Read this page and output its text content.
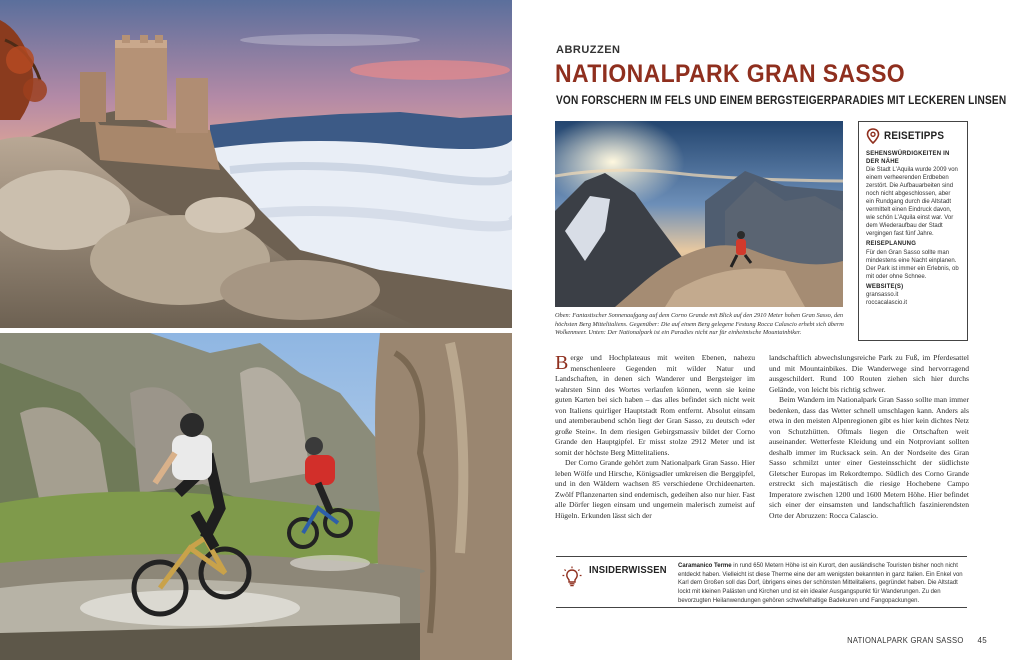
ABRUZZEN
NATIONALPARK GRAN SASSO
VON FORSCHERN IM FELS UND EINEM BERGSTEIGERPARADIES MIT LECKEREN LINSEN
Oben: Fantastischer Sonnenaufgang auf dem Corno Grande mit Blick auf den 2910 Meter hohen Gran Sasso, den höchsten Berg Mittelitaliens. Gegenüber: Die auf einem Berg gelegene Festung Rocca Calascio erhebt sich überm Wolkenmeer. Unten: Der Nationalpark ist ein Paradies nicht nur für einheimische Mountainbiker.
REISETIPPS
SEHENSWÜRDIGKEITEN IN DER NÄHE
Die Stadt L'Aquila wurde 2009 von einem verheerenden Erdbeben zerstört. Die Aufbauarbeiten sind noch nicht abgeschlossen, aber ein Rundgang durch die Altstadt vermittelt einen Eindruck davon, wie schön L'Aquila einst war. Vor dem Wiederaufbau der Stadt vergingen fast fünf Jahre.
REISEPLANUNG
Für den Gran Sasso sollte man mindestens eine Nacht einplanen. Der Park ist immer ein Erlebnis, ob mit oder ohne Schnee.
WEBSITE(S)
gransasso.it
roccacalascio.it

Berge und Hochplateaus mit weiten Ebenen, nahezu menschenleere Gegenden mit wilder Natur und Landschaften, in denen sich Wanderer und Bergsteiger im wahrsten Sinn des Wortes verlaufen können, wenn sie keine guten Karten bei sich haben – das alles befindet sich nicht weit von Italiens quirliger Hauptstadt Rom entfernt. Absolut einsam und atemberaubend schön liegt der Gran Sasso, zu deutsch »der große Stein«. In dem riesigen Gebirgsmassiv bildet der Corno Grande den Hauptgipfel. Er misst stolze 2912 Meter und ist somit der höchste Berg Mittelitaliens.

Der Corno Grande gehört zum Nationalpark Gran Sasso. Hier leben Wölfe und Hirsche, Königsadler umkreisen die Berggipfel, und in den Wäldern wachsen 85 verschiedene Orchideenarten. Zwölf Pflanzenarten sind endemisch, gedeihen also nur hier. Fast alle Dörfer liegen einsam und ungemein malerisch zumeist auf Hügeln. Erkunden lässt sich der

landschaftlich abwechslungsreiche Park zu Fuß, im Pferdesattel und mit Mountainbikes. Die Wanderwege sind hervorragend ausgeschildert. Rund 100 Routen ziehen sich hier durchs Gelände, von leicht bis richtig schwer.

Beim Wandern im Nationalpark Gran Sasso sollte man immer bedenken, dass das Wetter schnell umschlagen kann. Anders als etwa in den meisten Alpenregionen gibt es hier kein dichtes Netz von Schutzhütten. Oftmals liegen die Ortschaften weit auseinander. Wetterfeste Kleidung und ein Notproviant sollten deshalb immer im Rucksack sein. An der Nordseite des Gran Sasso schmilzt unter einer Gesteinsschicht der südlichste Gletscher Europas im Rekordtempo. Südlich des Corno Grande erstreckt sich majestätisch die riesige Hochebene Campo Imperatore zwischen 1200 und 1600 Metern Höhe. Hier befindet sich einer der einsamsten und landschaftlich faszinierendsten Orte der Abruzzen: Rocca Calascio.

INSIDERWISSEN Caramanico Terme in rund 650 Metern Höhe ist ein Kurort, den ausländische Touristen bisher noch nicht entdeckt haben. Vielleicht ist diese Therme eine der am wenigsten bekannten in ganz Italien. Ein Enkel von Karl dem Großen soll das Dorf, übrigens eines der schönsten Mittelitaliens, gegründet haben. Die Altstadt lockt mit kleinen Palästen und Kirchen und ist ein idealer Ausgangspunkt für Wanderungen. Zu den bevorzugten Heilanwendungen gehören schwefelhaltige Badekuren und Fangopackungen.
NATIONALPARK GRAN SASSO 45
